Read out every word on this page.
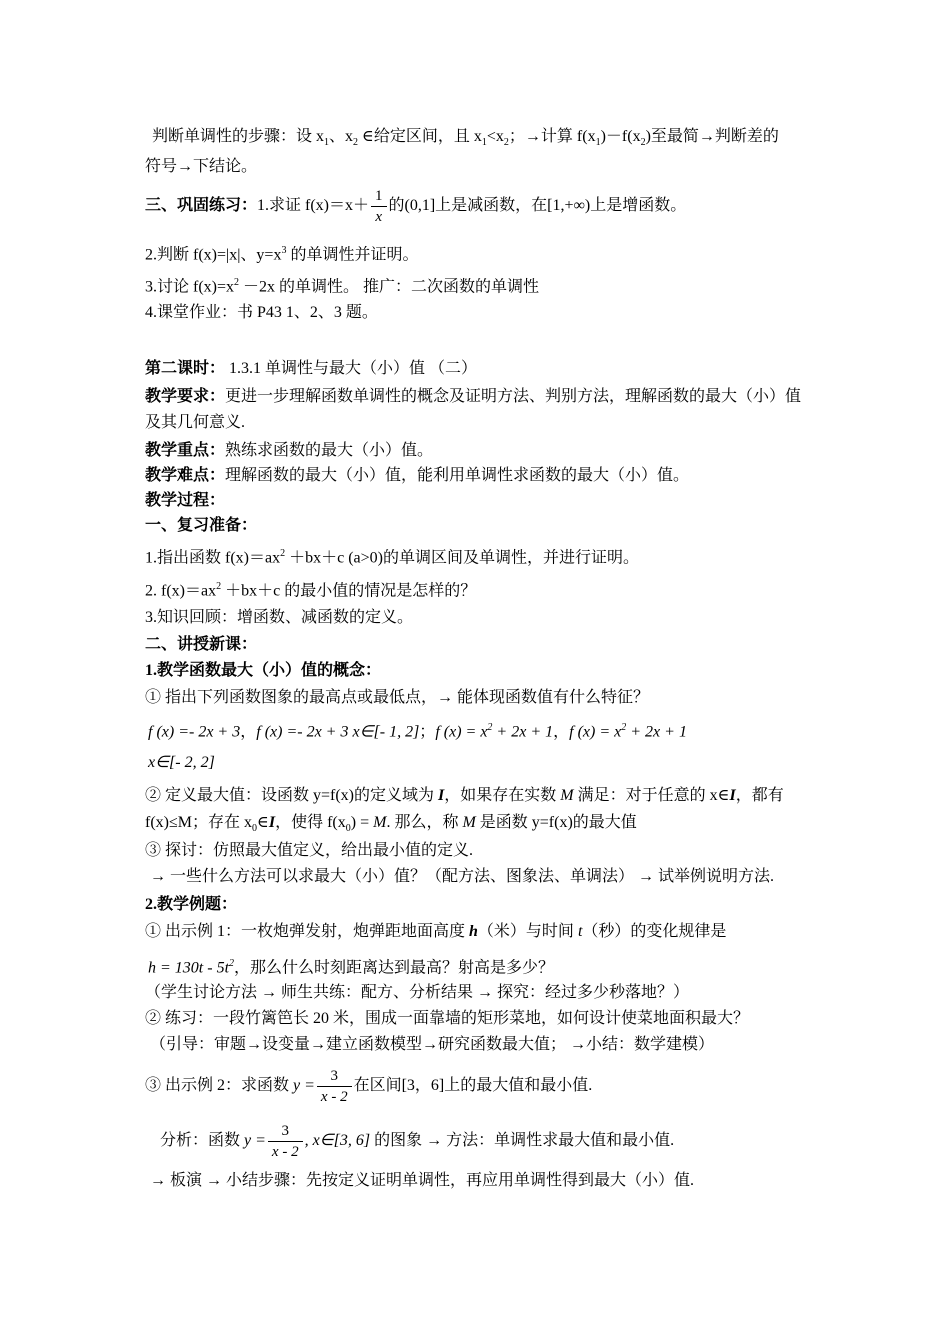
判断单调性的步骤：设 $x_1$、$x_2$ ∈给定区间，且 $x_1<x_2$；→计算 $f(x_1)-f(x_2)$至最简→判断差的
符号→下结论。
三、巩固练习：1.求证 $f(x)=x+ \frac{1}{x}$ 的(0,1]上是减函数，在[1,+∞)上是增函数。
2.判断 f(x)=|x|、$y=x^3$ 的单调性并证明。
3.讨论 $f(x)=x^2 -2x$ 的单调性。 推广：二次函数的单调性
4.课堂作业：书 P43 1、2、3 题。
第二课时： 1.3.1 单调性与最大（小）值 （二）
教学要求：更进一步理解函数单调性的概念及证明方法、判别方法，理解函数的最大（小）值
及其几何意义.
教学重点：熟练求函数的最大（小）值。
教学难点：理解函数的最大（小）值，能利用单调性求函数的最大（小）值。
教学过程：
一、复习准备：
1.指出函数 $f(x)=ax^2 +bx+c$ (a>0)的单调区间及单调性，并进行证明。
2. $f(x)=ax^2 +bx+c$ 的最小值的情况是怎样的？
3.知识回顾：增函数、减函数的定义。
二、讲授新课：
1.教学函数最大（小）值的概念：
① 指出下列函数图象的最高点或最低点，→ 能体现函数值有什么特征？
f (x) =- 2x + 3，f (x) =- 2x + 3 x∈[- 1, 2]；f $(x) = x^2 + 2x + 1$，f $(x) = x^2 + 2x + 1$
x∈[- 2, 2]
② 定义最大值：设函数 y=f(x)的定义域为 I，如果存在实数 M 满足：对于任意的 x∈I，都有
f(x)≤M；存在 $x_0\in I$，使得 $f(x_0) = M$. 那么，称 M 是函数 y=f(x)的最大值
③ 探讨：仿照最大值定义，给出最小值的定义.
→ 一些什么方法可以求最大（小）值？（配方法、图象法、单调法） → 试举例说明方法.
2.教学例题：
① 出示例 1：一枚炮弹发射，炮弹距地面高度 h（米）与时间 t（秒）的变化规律是
$h = 130t - 5t^2$，那么什么时刻距离达到最高？射高是多少？
（学生讨论方法 → 师生共练：配方、分析结果 → 探究：经过多少秒落地？）
② 练习：一段竹篱笆长 20 米，围成一面靠墙的矩形菜地，如何设计使菜地面积最大？
（引导：审题→设变量→建立函数模型→研究函数最大值； →小结：数学建模）
③ 出示例 2：求函数 $y = \frac{3}{x - 2}$ 在区间[3，6]上的最大值和最小值.
分析：函数 $y = \frac{3}{x - 2}$ , x∈[3, 6] 的图象 → 方法：单调性求最大值和最小值.
→ 板演 → 小结步骤：先按定义证明单调性，再应用单调性得到最大（小）值.
